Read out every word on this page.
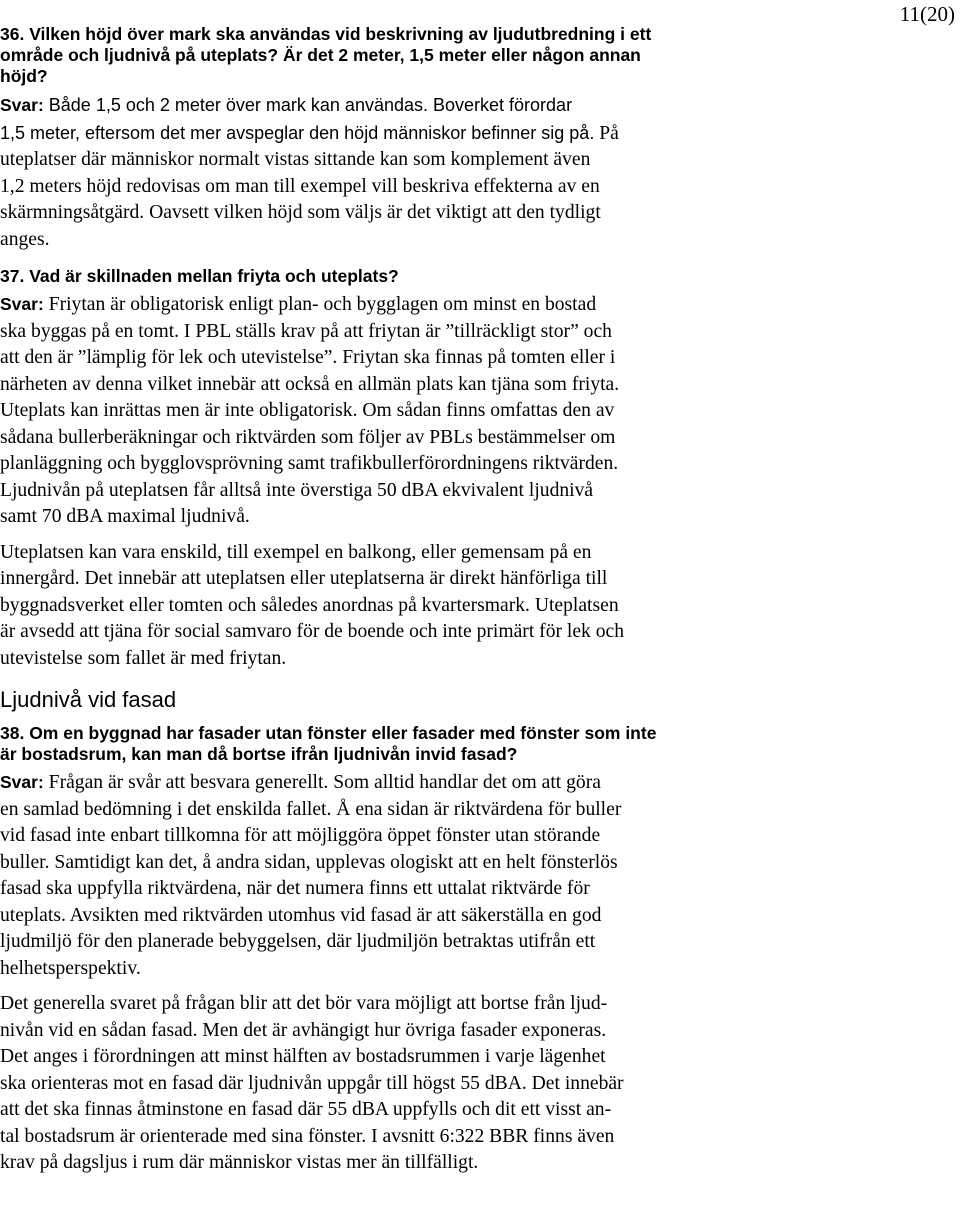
11(20)
36. Vilken höjd över mark ska användas vid beskrivning av ljudutbredning i ett
område och ljudnivå på uteplats? Är det 2 meter, 1,5 meter eller någon annan
höjd?
Svar: Både 1,5 och 2 meter över mark kan användas. Boverket förordar
1,5 meter, eftersom det mer avspeglar den höjd människor befinner sig på. På
uteplatser där människor normalt vistas sittande kan som komplement även
1,2 meters höjd redovisas om man till exempel vill beskriva effekterna av en
skärmningsåtgärd. Oavsett vilken höjd som väljs är det viktigt att den tydligt
anges.
37. Vad är skillnaden mellan friyta och uteplats?
Svar: Friytan är obligatorisk enligt plan- och bygglagen om minst en bostad
ska byggas på en tomt. I PBL ställs krav på att friytan är ”tillräckligt stor” och
att den är ”lämplig för lek och utevistelse”. Friytan ska finnas på tomten eller i
närheten av denna vilket innebär att också en allmän plats kan tjäna som friyta.
Uteplats kan inrättas men är inte obligatorisk. Om sådan finns omfattas den av
sådana bullerberäkningar och riktvärden som följer av PBLs bestämmelser om
planläggning och bygglovsprövning samt trafikbullerförordningens riktvärden.
Ljudnivån på uteplatsen får alltså inte överstiga 50 dBA ekvivalent ljudnivå
samt 70 dBA maximal ljudnivå.
Uteplatsen kan vara enskild, till exempel en balkong, eller gemensam på en
innergård. Det innebär att uteplatsen eller uteplatserna är direkt hänförliga till
byggnadsverket eller tomten och således anordnas på kvartersmark. Uteplatsen
är avsedd att tjäna för social samvaro för de boende och inte primärt för lek och
utevistelse som fallet är med friytan.
Ljudnivå vid fasad
38. Om en byggnad har fasader utan fönster eller fasader med fönster som inte
är bostadsrum, kan man då bortse ifrån ljudnivån invid fasad?
Svar: Frågan är svår att besvara generellt. Som alltid handlar det om att göra
en samlad bedömning i det enskilda fallet. Å ena sidan är riktvärdena för buller
vid fasad inte enbart tillkomna för att möjliggöra öppet fönster utan störande
buller. Samtidigt kan det, å andra sidan, upplevas ologiskt att en helt fönsterlös
fasad ska uppfylla riktvärdena, när det numera finns ett uttalat riktvärde för
uteplats. Avsikten med riktvärden utomhus vid fasad är att säkerställa en god
ljudmiljö för den planerade bebyggelsen, där ljudmiljön betraktas utifrån ett
helhetsperspektiv.
Det generella svaret på frågan blir att det bör vara möjligt att bortse från ljud-
nivån vid en sådan fasad. Men det är avhängigt hur övriga fasader exponeras.
Det anges i förordningen att minst hälften av bostadsrummen i varje lägenhet
ska orienteras mot en fasad där ljudnivån uppgår till högst 55 dBA. Det innebär
att det ska finnas åtminstone en fasad där 55 dBA uppfylls och dit ett visst an-
tal bostadsrum är orienterade med sina fönster. I avsnitt 6:322 BBR finns även
krav på dagsljus i rum där människor vistas mer än tillfälligt.
